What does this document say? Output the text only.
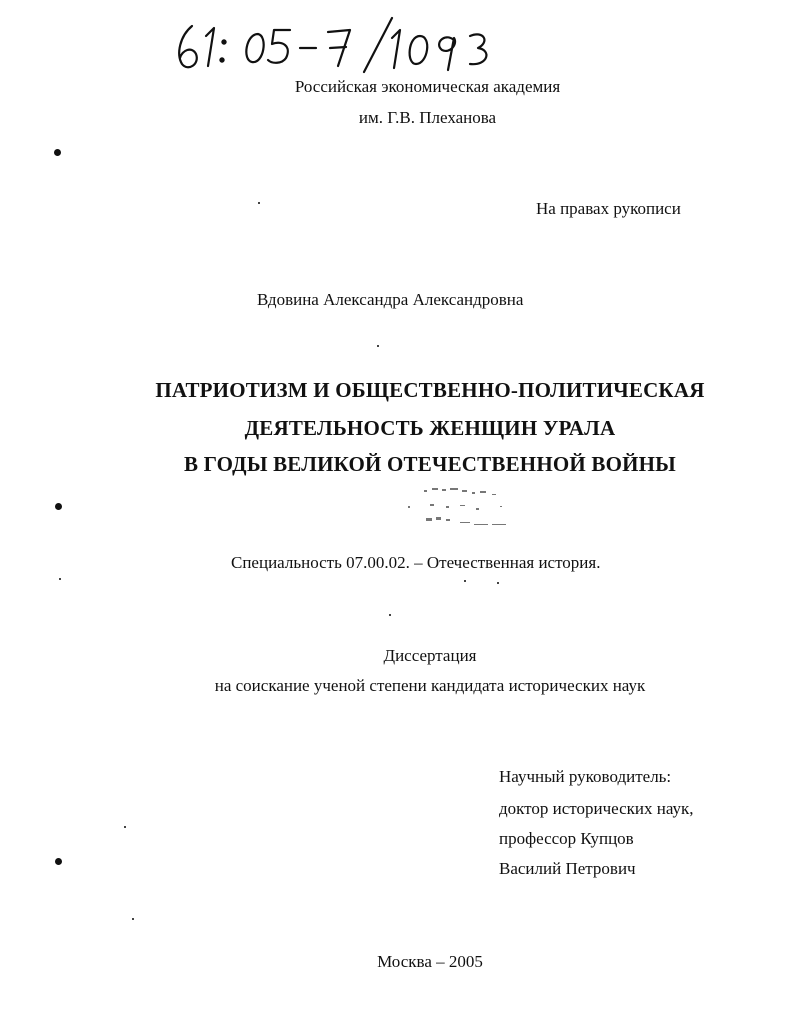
Российская экономическая академия
им. Г.В. Плеханова
На правах рукописи
Вдовина Александра Александровна
ПАТРИОТИЗМ И ОБЩЕСТВЕННО-ПОЛИТИЧЕСКАЯ
ДЕЯТЕЛЬНОСТЬ ЖЕНЩИН УРАЛА
В ГОДЫ ВЕЛИКОЙ ОТЕЧЕСТВЕННОЙ ВОЙНЫ
Специальность 07.00.02. – Отечественная история.
Диссертация
на соискание ученой степени кандидата исторических наук
Научный руководитель:
доктор исторических наук,
профессор Купцов
Василий Петрович
Москва – 2005
